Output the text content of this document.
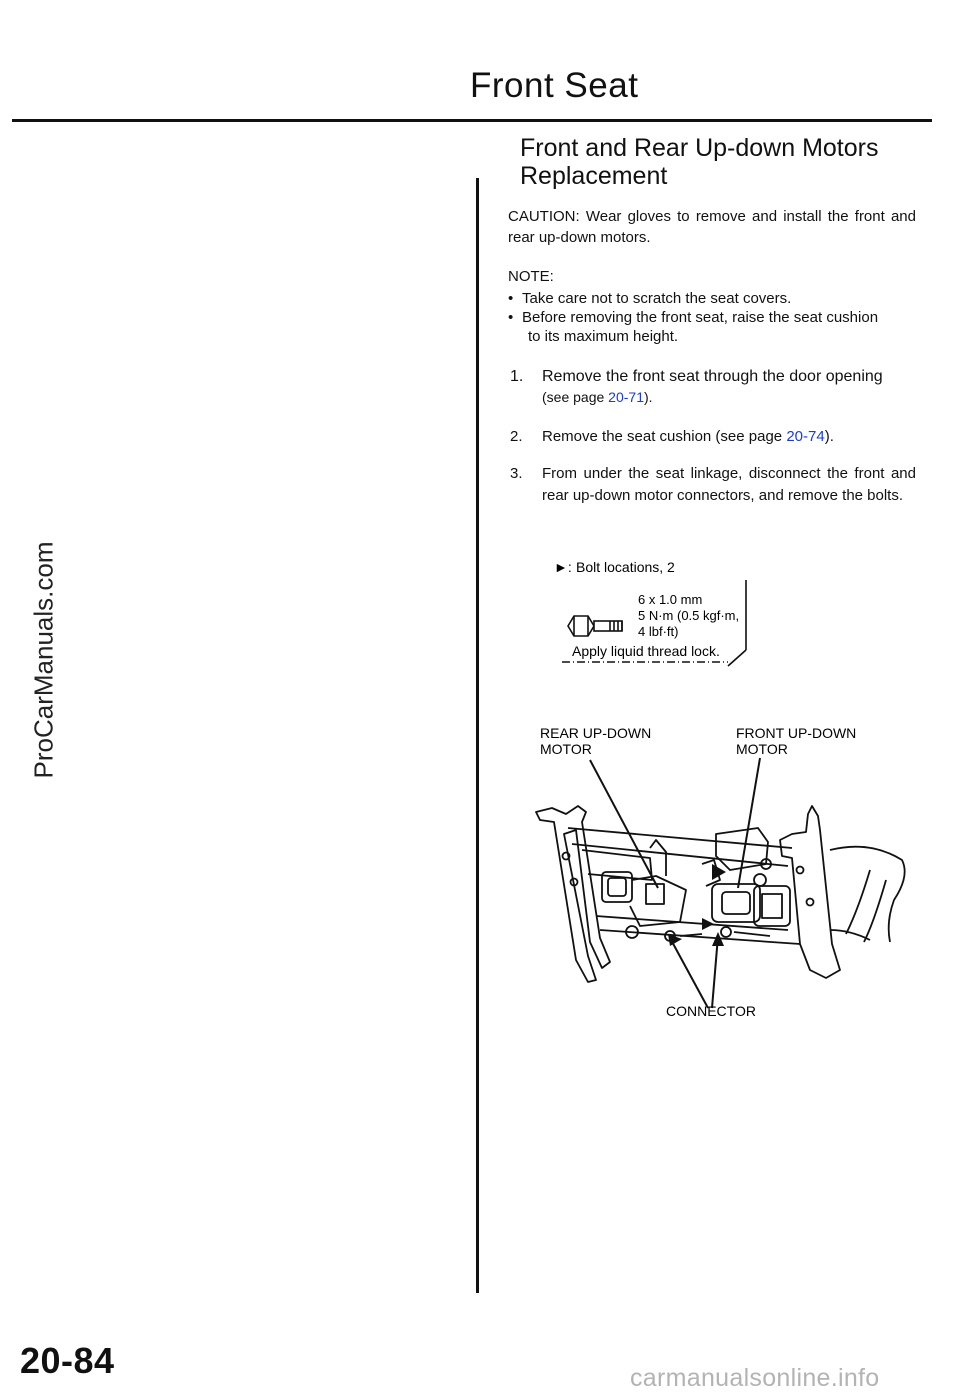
Front Seat
Front and Rear Up-down Motors
Replacement
CAUTION: Wear gloves to remove and install the front and rear up-down motors.
NOTE:
• Take care not to scratch the seat covers.
• Before removing the front seat, raise the seat cushion
to its maximum height.
1. Remove the front seat through the door opening
(see page 20-71).
2. Remove the seat cushion (see page 20-74).
3. From under the seat linkage, disconnect the front and rear up-down motor connectors, and remove the bolts.
►: Bolt locations, 2
6 x 1.0 mm
5 N·m (0.5 kgf·m,
4 lbf·ft)
Apply liquid thread lock.
REAR UP-DOWN
MOTOR
FRONT UP-DOWN
MOTOR
CONNECTOR
ProCarManuals.com
20-84	carmanualsonline.info
